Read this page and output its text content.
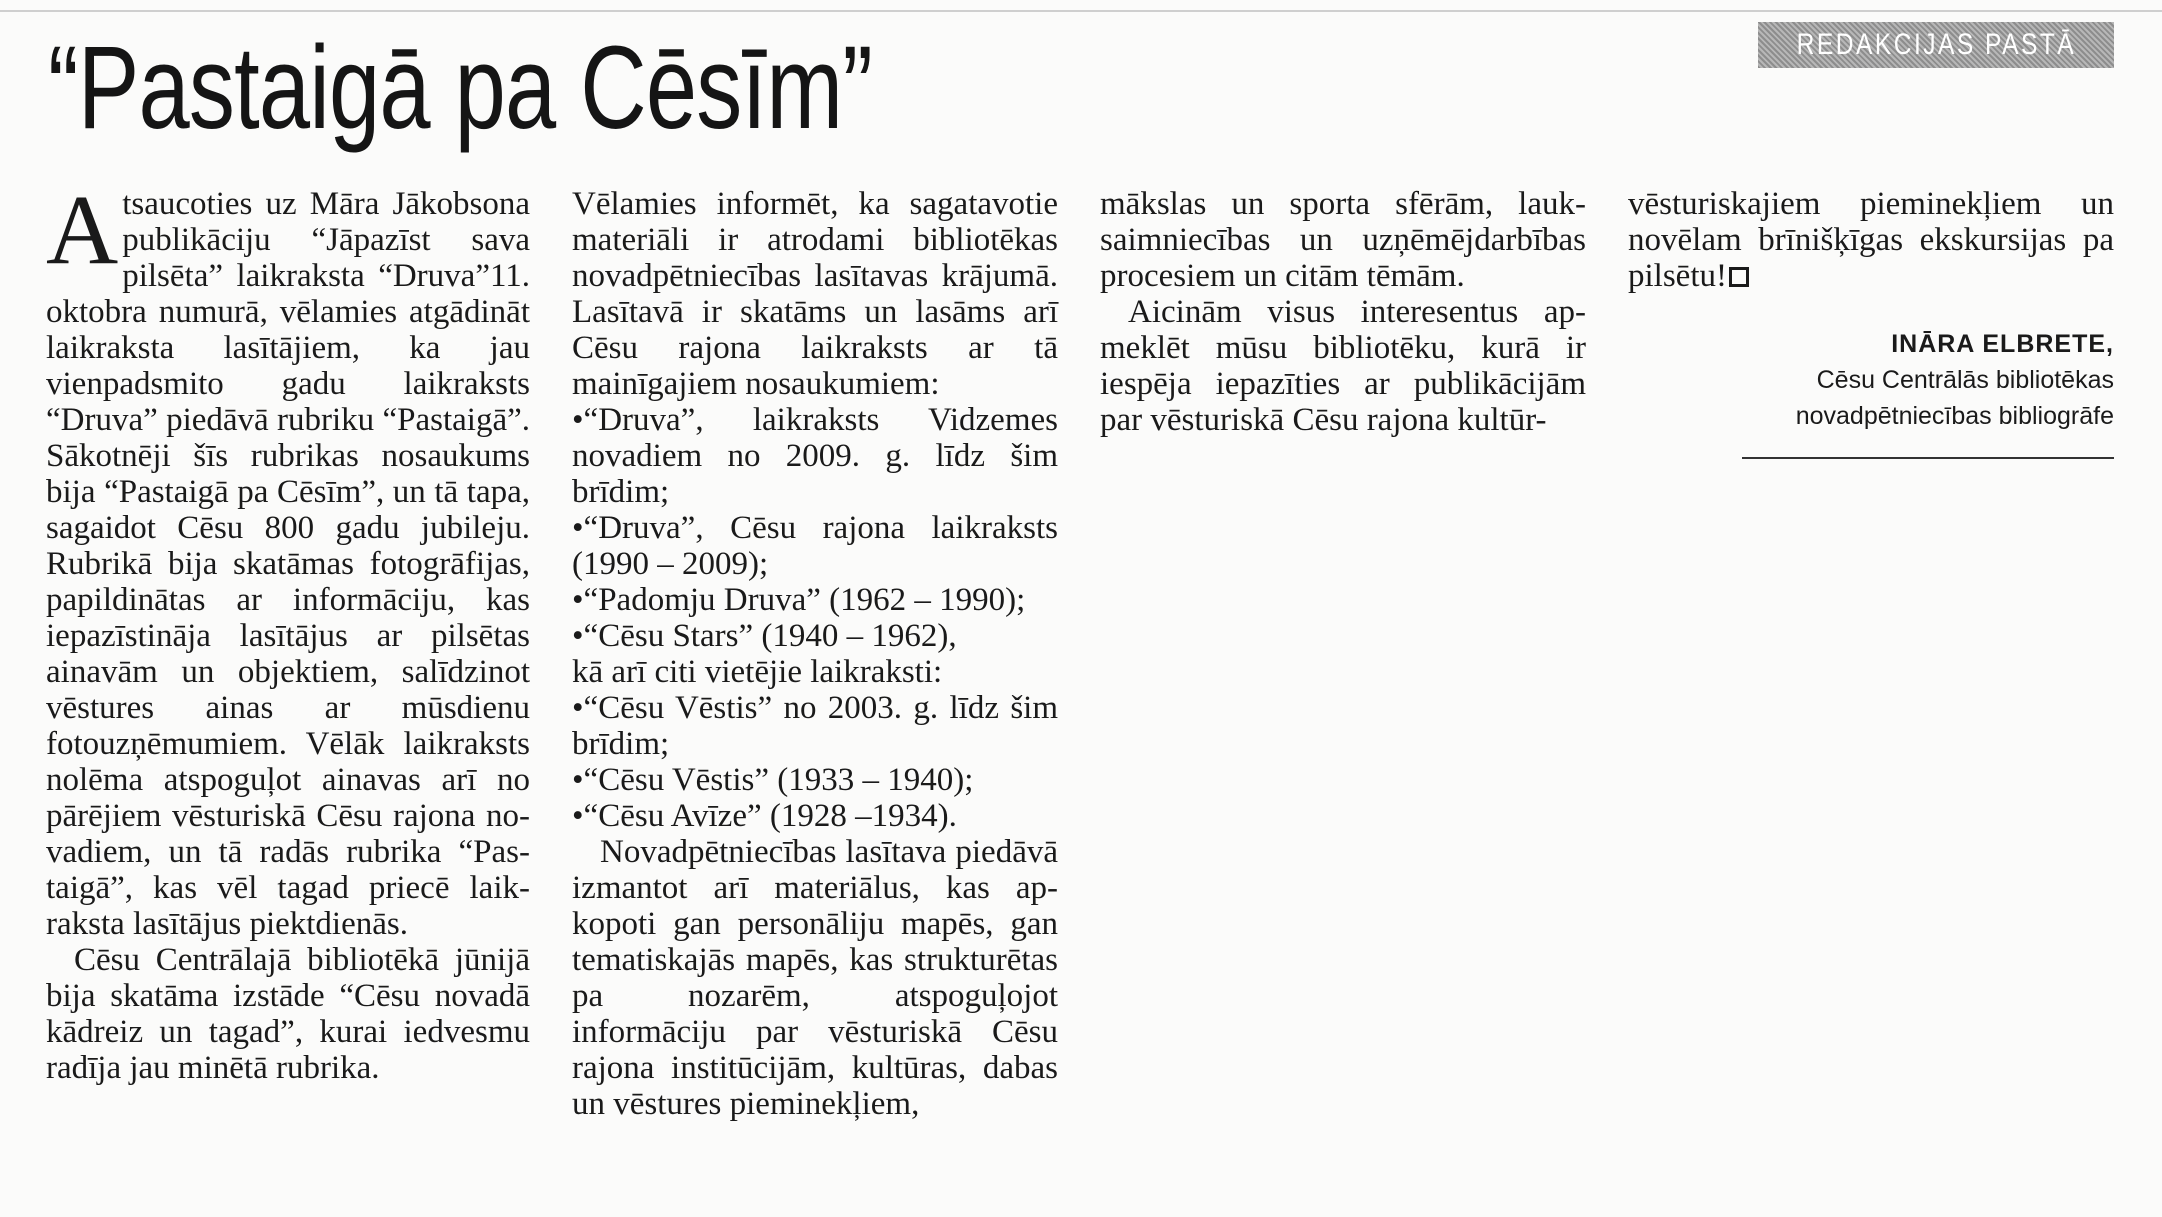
“Pastaigā pa Cēsīm”	REDAKCIJAS PASTĀ

Atsaucoties uz Māra Jākobsona publikāciju “Jāpazīst sava pilsēta” laikraksta “Druva”11. oktobra numurā, vēlamies atgādināt laikraksta lasītājiem, ka jau vienpadsmito gadu laikraksts “Druva” piedāvā rubriku “Pastaigā”. Sākotnēji šīs rubrikas nosaukums bija “Pastaigā pa Cēsīm”, un tā tapa, sagaidot Cēsu 800 gadu jubileju. Rubrikā bija skatāmas fotogrāfijas, papildinātas ar informāciju, kas iepazīstināja lasītājus ar pilsētas ainavām un objektiem, salīdzinot vēstures ainas ar mūsdienu fotouzņēmumiem. Vēlāk laikraksts nolēma atspoguļot ainavas arī no pārējiem vēsturiskā Cēsu rajona novadiem, un tā radās rubrika “Pastaigā”, kas vēl tagad priecē laikraksta lasītājus piektdienās.

Cēsu Centrālajā bibliotēkā jūnijā bija skatāma izstāde “Cēsu novadā kādreiz un tagad”, kurai iedvesmu radīja jau minētā rubrika.

Vēlamies informēt, ka sagatavotie materiāli ir atrodami bibliotēkas novadpētniecības lasītavas krājumā. Lasītavā ir skatāms un lasāms arī Cēsu rajona laikraksts ar tā mainīgajiem nosaukumiem:

•“Druva”, laikraksts Vidzemes novadiem no 2009. g. līdz šim brīdim;

•“Druva”, Cēsu rajona laikraksts (1990 – 2009);

•“Padomju Druva” (1962 – 1990);

•“Cēsu Stars” (1940 – 1962),

kā arī citi vietējie laikraksti:

•“Cēsu Vēstis” no 2003. g. līdz šim brīdim;

•“Cēsu Vēstis” (1933 – 1940);

•“Cēsu Avīze” (1928 –1934).

Novadpētniecības lasītava piedāvā izmantot arī materiālus, kas apkopoti gan personāliju mapēs, gan tematiskajās mapēs, kas strukturētas pa nozarēm, atspoguļojot informāciju par vēsturiskā Cēsu rajona institūcijām, kultūras, dabas un vēstures pieminekļiem,

mākslas un sporta sfērām, lauksaimniecības un uzņēmējdarbības procesiem un citām tēmām.

Aicinām visus interesentus apmeklēt mūsu bibliotēku, kurā ir iespēja iepazīties ar publikācijām par vēsturiskā Cēsu rajona kultūr-

vēsturiskajiem pieminekļiem un novēlam brīnišķīgas ekskursijas pa pilsētu!

INĀRA ELBRETE,
Cēsu Centrālās bibliotēkas
novadpētniecības bibliogrāfe
